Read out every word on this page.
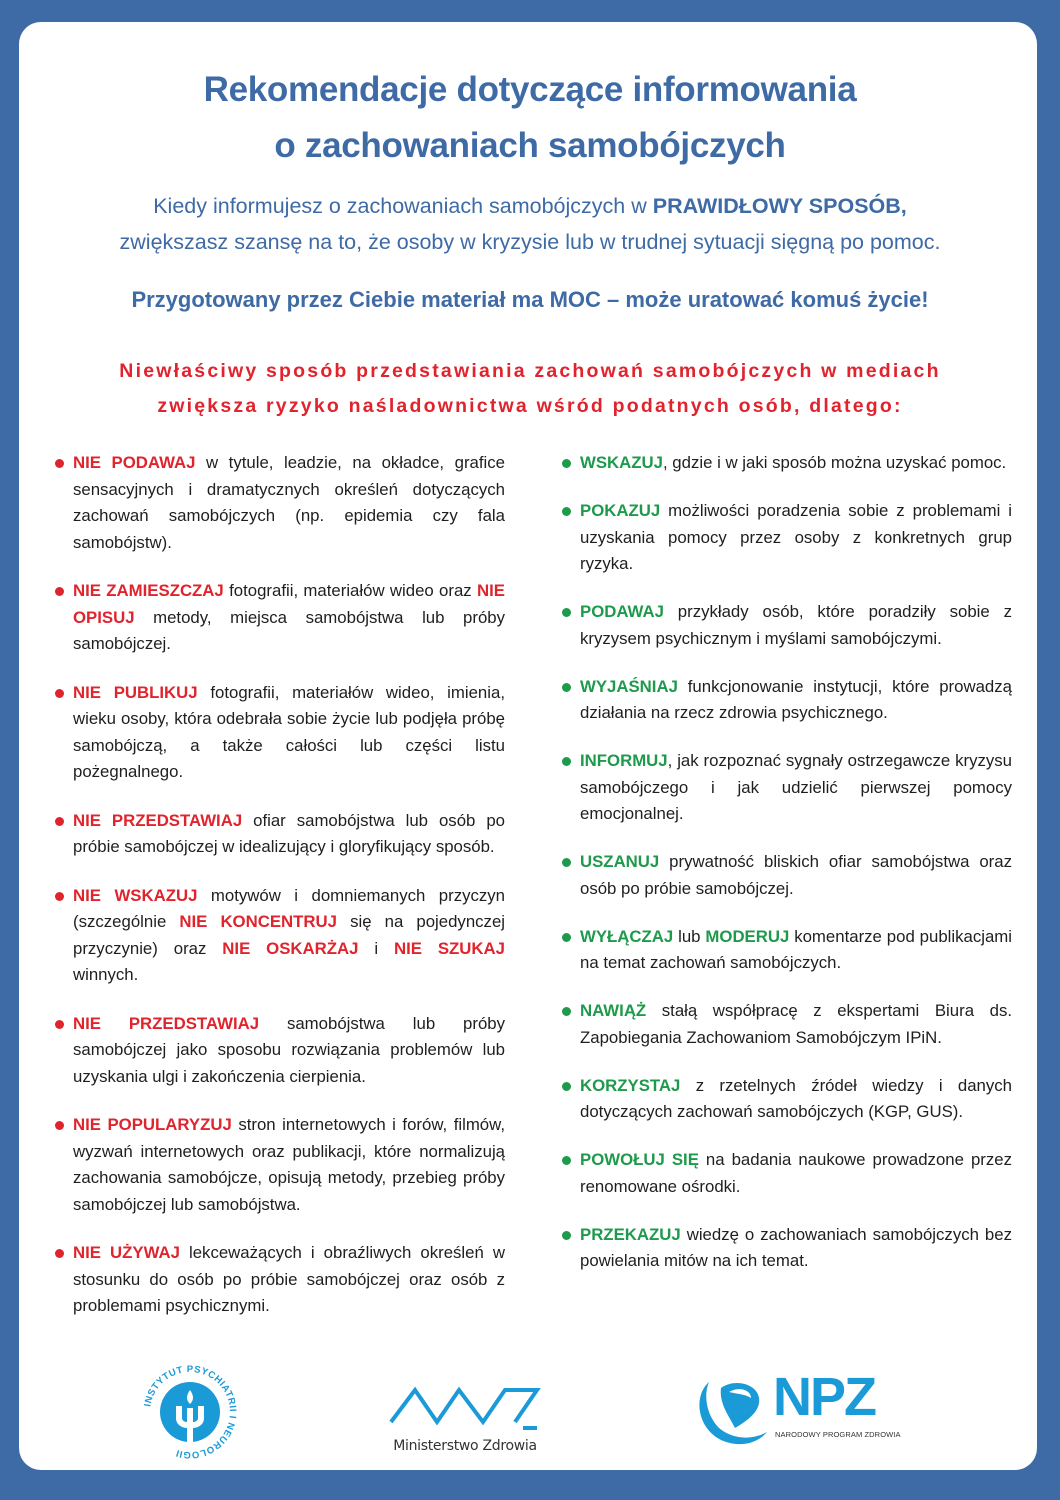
Rekomendacje dotyczące informowania
o zachowaniach samobójczych
Kiedy informujesz o zachowaniach samobójczych w PRAWIDŁOWY SPOSÓB,
zwiększasz szansę na to, że osoby w kryzysie lub w trudnej sytuacji sięgną po pomoc.
Przygotowany przez Ciebie materiał ma MOC – może uratować komuś życie!
Niewłaściwy sposób przedstawiania zachowań samobójczych w mediach
zwiększa ryzyko naśladownictwa wśród podatnych osób, dlatego:
NIE PODAWAJ w tytule, leadzie, na okładce, grafice sensacyjnych i dramatycznych określeń dotyczących zachowań samobójczych (np. epidemia czy fala samobójstw).
NIE ZAMIESZCZAJ fotografii, materiałów wideo oraz NIE OPISUJ metody, miejsca samobójstwa lub próby samobójczej.
NIE PUBLIKUJ fotografii, materiałów wideo, imienia, wieku osoby, która odebrała sobie życie lub podjęła próbę samobójczą, a także całości lub części listu pożegnalnego.
NIE PRZEDSTAWIAJ ofiar samobójstwa lub osób po próbie samobójczej w idealizujący i gloryfikujący sposób.
NIE WSKAZUJ motywów i domniemanych przyczyn (szczególnie NIE KONCENTRUJ się na pojedynczej przyczynie) oraz NIE OSKARŻAJ i NIE SZUKAJ winnych.
NIE PRZEDSTAWIAJ samobójstwa lub próby samobójczej jako sposobu rozwiązania problemów lub uzyskania ulgi i zakończenia cierpienia.
NIE POPULARYZUJ stron internetowych i forów, filmów, wyzwań internetowych oraz publikacji, które normalizują zachowania samobójcze, opisują metody, przebieg próby samobójczej lub samobójstwa.
NIE UŻYWAJ lekceważących i obraźliwych określeń w stosunku do osób po próbie samobójczej oraz osób z problemami psychicznymi.
WSKAZUJ, gdzie i w jaki sposób można uzyskać pomoc.
POKAZUJ możliwości poradzenia sobie z problemami i uzyskania pomocy przez osoby z konkretnych grup ryzyka.
PODAWAJ przykłady osób, które poradziły sobie z kryzysem psychicznym i myślami samobójczymi.
WYJAŚNIAJ funkcjonowanie instytucji, które prowadzą działania na rzecz zdrowia psychicznego.
INFORMUJ, jak rozpoznać sygnały ostrzegawcze kryzysu samobójczego i jak udzielić pierwszej pomocy emocjonalnej.
USZANUJ prywatność bliskich ofiar samobójstwa oraz osób po próbie samobójczej.
WYŁĄCZAJ lub MODERUJ komentarze pod publikacjami na temat zachowań samobójczych.
NAWIĄŻ stałą współpracę z ekspertami Biura ds. Zapobiegania Zachowaniom Samobójczym IPiN.
KORZYSTAJ z rzetelnych źródeł wiedzy i danych dotyczących zachowań samobójczych (KGP, GUS).
POWOŁUJ SIĘ na badania naukowe prowadzone przez renomowane ośrodki.
PRZEKAZUJ wiedzę o zachowaniach samobójczych bez powielania mitów na ich temat.
INSTYTUT PSYCHIATRII I NEUROLOGII	Ministerstwo Zdrowia
NPZ
NARODOWY PROGRAM ZDROWIA
